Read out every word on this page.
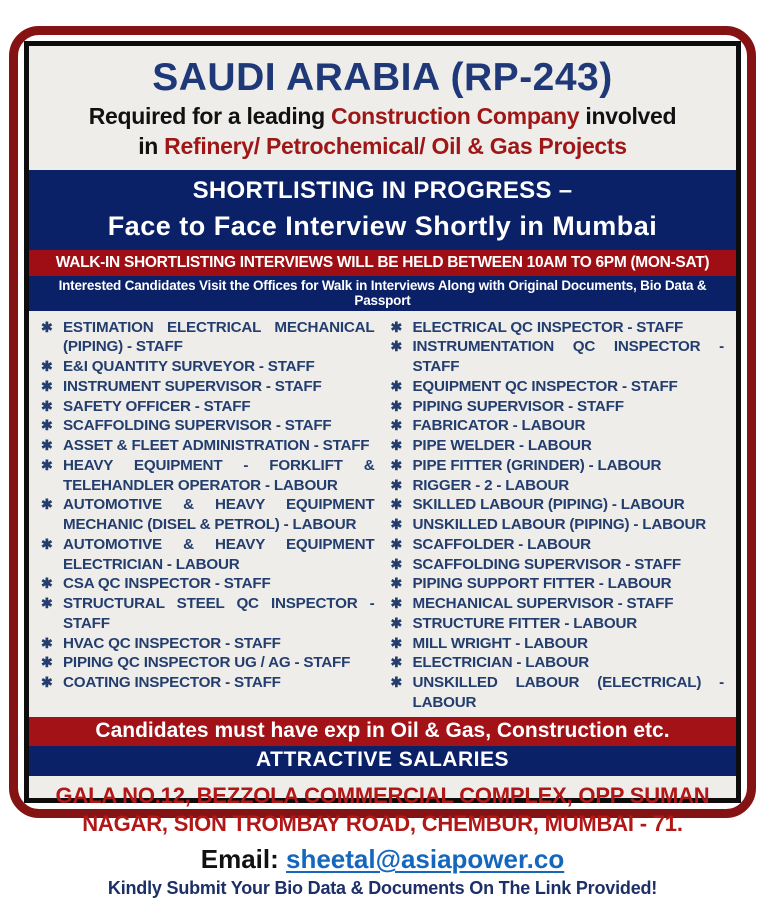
SAUDI ARABIA (RP-243)
Required for a leading Construction Company involved
in Refinery/ Petrochemical/ Oil & Gas Projects
SHORTLISTING IN PROGRESS –
Face to Face Interview Shortly in Mumbai
WALK-IN SHORTLISTING INTERVIEWS WILL BE HELD BETWEEN 10AM TO 6PM (MON-SAT)
Interested Candidates Visit the Offices for Walk in Interviews Along with Original Documents, Bio Data & Passport
✱ ESTIMATION ELECTRICAL MECHANICAL (PIPING) - STAFF
✱ E&I QUANTITY SURVEYOR - STAFF
✱ INSTRUMENT SUPERVISOR - STAFF
✱ SAFETY OFFICER - STAFF
✱ SCAFFOLDING SUPERVISOR - STAFF
✱ ASSET & FLEET ADMINISTRATION - STAFF
✱ HEAVY EQUIPMENT - FORKLIFT & TELEHANDLER OPERATOR - LABOUR
✱ AUTOMOTIVE & HEAVY EQUIPMENT MECHANIC (DISEL & PETROL) - LABOUR
✱ AUTOMOTIVE & HEAVY EQUIPMENT ELECTRICIAN - LABOUR
✱ CSA QC INSPECTOR - STAFF
✱ STRUCTURAL STEEL QC INSPECTOR - STAFF
✱ HVAC QC INSPECTOR - STAFF
✱ PIPING QC INSPECTOR UG / AG - STAFF
✱ COATING INSPECTOR - STAFF
✱ ELECTRICAL QC INSPECTOR - STAFF
✱ INSTRUMENTATION QC INSPECTOR - STAFF
✱ EQUIPMENT QC INSPECTOR - STAFF
✱ PIPING SUPERVISOR - STAFF
✱ FABRICATOR - LABOUR
✱ PIPE WELDER - LABOUR
✱ PIPE FITTER (GRINDER) - LABOUR
✱ RIGGER - 2 - LABOUR
✱ SKILLED LABOUR (PIPING) - LABOUR
✱ UNSKILLED LABOUR (PIPING) - LABOUR
✱ SCAFFOLDER - LABOUR
✱ SCAFFOLDING SUPERVISOR - STAFF
✱ PIPING SUPPORT FITTER - LABOUR
✱ MECHANICAL SUPERVISOR - STAFF
✱ STRUCTURE FITTER - LABOUR
✱ MILL WRIGHT - LABOUR
✱ ELECTRICIAN - LABOUR
✱ UNSKILLED LABOUR (ELECTRICAL) - LABOUR
Candidates must have exp in Oil & Gas, Construction etc.
ATTRACTIVE SALARIES
GALA NO.12, BEZZOLA COMMERCIAL COMPLEX, OPP SUMAN
NAGAR, SION TROMBAY ROAD, CHEMBUR, MUMBAI - 71.
Email: sheetal@asiapower.co
Kindly Submit Your Bio Data & Documents On The Link Provided!
